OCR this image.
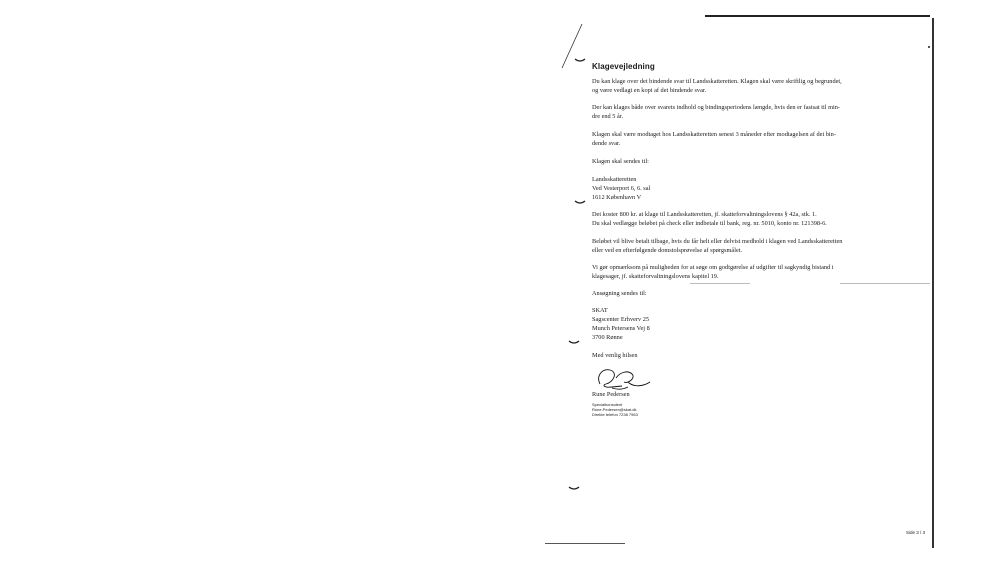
Klagevejledning
Du kan klage over det bindende svar til Landsskatteretten. Klagen skal være skriftlig og begrundet,
og være vedlagt en kopi af det bindende svar.
Der kan klages både over svarets indhold og bindingsperiodens længde, hvis den er fastsat til min-
dre end 5 år.
Klagen skal være modtaget hos Landsskatteretten senest 3 måneder efter modtagelsen af det bin-
dende svar.
Klagen skal sendes til:
Landsskatteretten
Ved Vesterport 6, 6. sal
1612 København V
Det koster 800 kr. at klage til Landsskatteretten, jf. skatteforvaltningslovens § 42a, stk. 1.
Du skal vedlægge beløbet på check eller indbetale til bank, reg. nr. 5010, konto nr. 121398-6.
Beløbet vil blive betalt tilbage, hvis du får helt eller delvist medhold i klagen ved Landsskatteretten
eller ved en efterfølgende domstolsprøvelse af spørgsmålet.
Vi gør opmærksom på muligheden for at søge om godtgørelse af udgifter til sagkyndig bistand i
klagesager, jf. skatteforvaltningslovens kapitel 19.
Ansøgning sendes til:
SKAT
Sagscenter Erhverv 25
Munch Petersens Vej 8
3700 Rønne
Med venlig hilsen
Rune Pedersen
Specialkonsulent
Rune.Pedersen@skat.dk
Direkte telefon 7238 7963
Side 3 / 3
